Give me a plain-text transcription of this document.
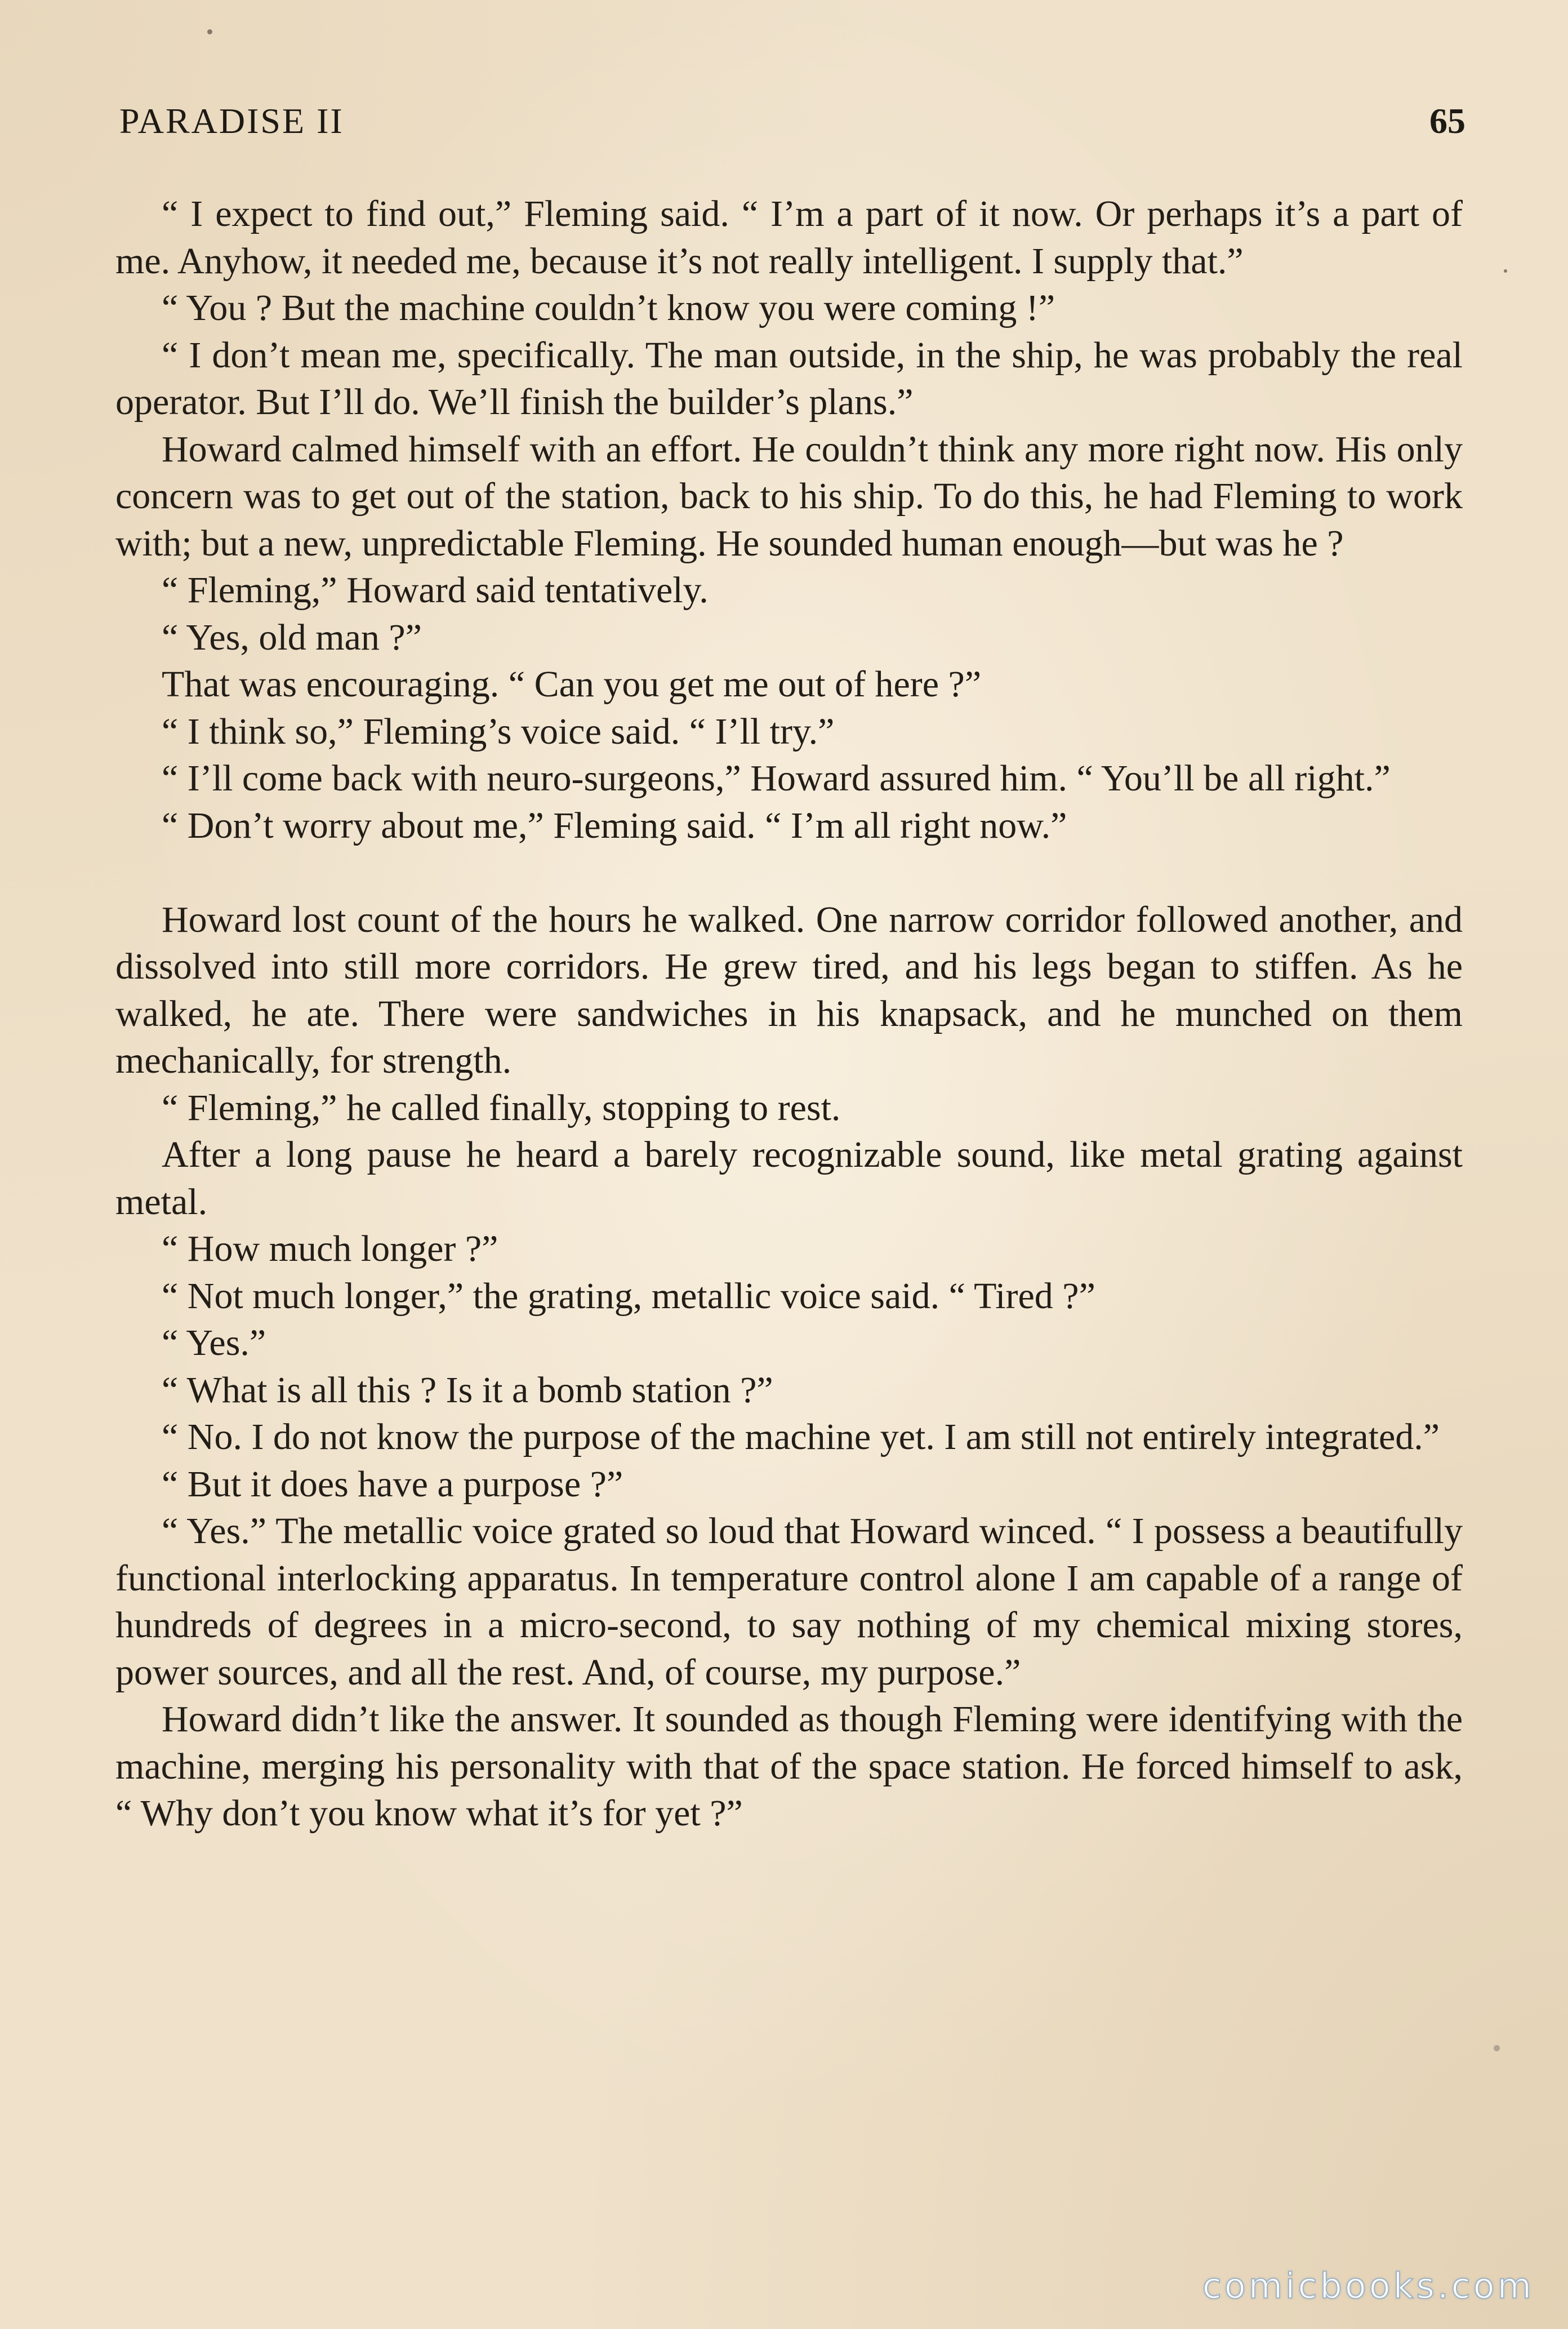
PARADISE II	65

“ I expect to find out,” Fleming said. “ I’m a part of it now. Or perhaps it’s a part of me. Anyhow, it needed me, because it’s not really intelligent. I supply that.”

“ You ? But the machine couldn’t know you were coming !”

“ I don’t mean me, specifically. The man outside, in the ship, he was probably the real operator. But I’ll do. We’ll finish the builder’s plans.”

Howard calmed himself with an effort. He couldn’t think any more right now. His only concern was to get out of the station, back to his ship. To do this, he had Fleming to work with; but a new, unpredictable Fleming. He sounded human enough—but was he ?

“ Fleming,” Howard said tentatively.

“ Yes, old man ?”

That was encouraging. “ Can you get me out of here ?”

“ I think so,” Fleming’s voice said. “ I’ll try.”

“ I’ll come back with neuro-surgeons,” Howard assured him. “ You’ll be all right.”

“ Don’t worry about me,” Fleming said. “ I’m all right now.”

Howard lost count of the hours he walked. One narrow corridor followed another, and dissolved into still more corridors. He grew tired, and his legs began to stiffen. As he walked, he ate. There were sandwiches in his knapsack, and he munched on them mechanically, for strength.

“ Fleming,” he called finally, stopping to rest.

After a long pause he heard a barely recognizable sound, like metal grating against metal.

“ How much longer ?”

“ Not much longer,” the grating, metallic voice said. “ Tired ?”

“ Yes.”

“ What is all this ? Is it a bomb station ?”

“ No. I do not know the purpose of the machine yet. I am still not entirely integrated.”

“ But it does have a purpose ?”

“ Yes.” The metallic voice grated so loud that Howard winced. “ I possess a beautifully functional interlocking apparatus. In temperature control alone I am capable of a range of hundreds of degrees in a micro-second, to say nothing of my chemical mixing stores, power sources, and all the rest. And, of course, my purpose.”

Howard didn’t like the answer. It sounded as though Fleming were identifying with the machine, merging his personality with that of the space station. He forced himself to ask, “ Why don’t you know what it’s for yet ?”

comicbooks.com
